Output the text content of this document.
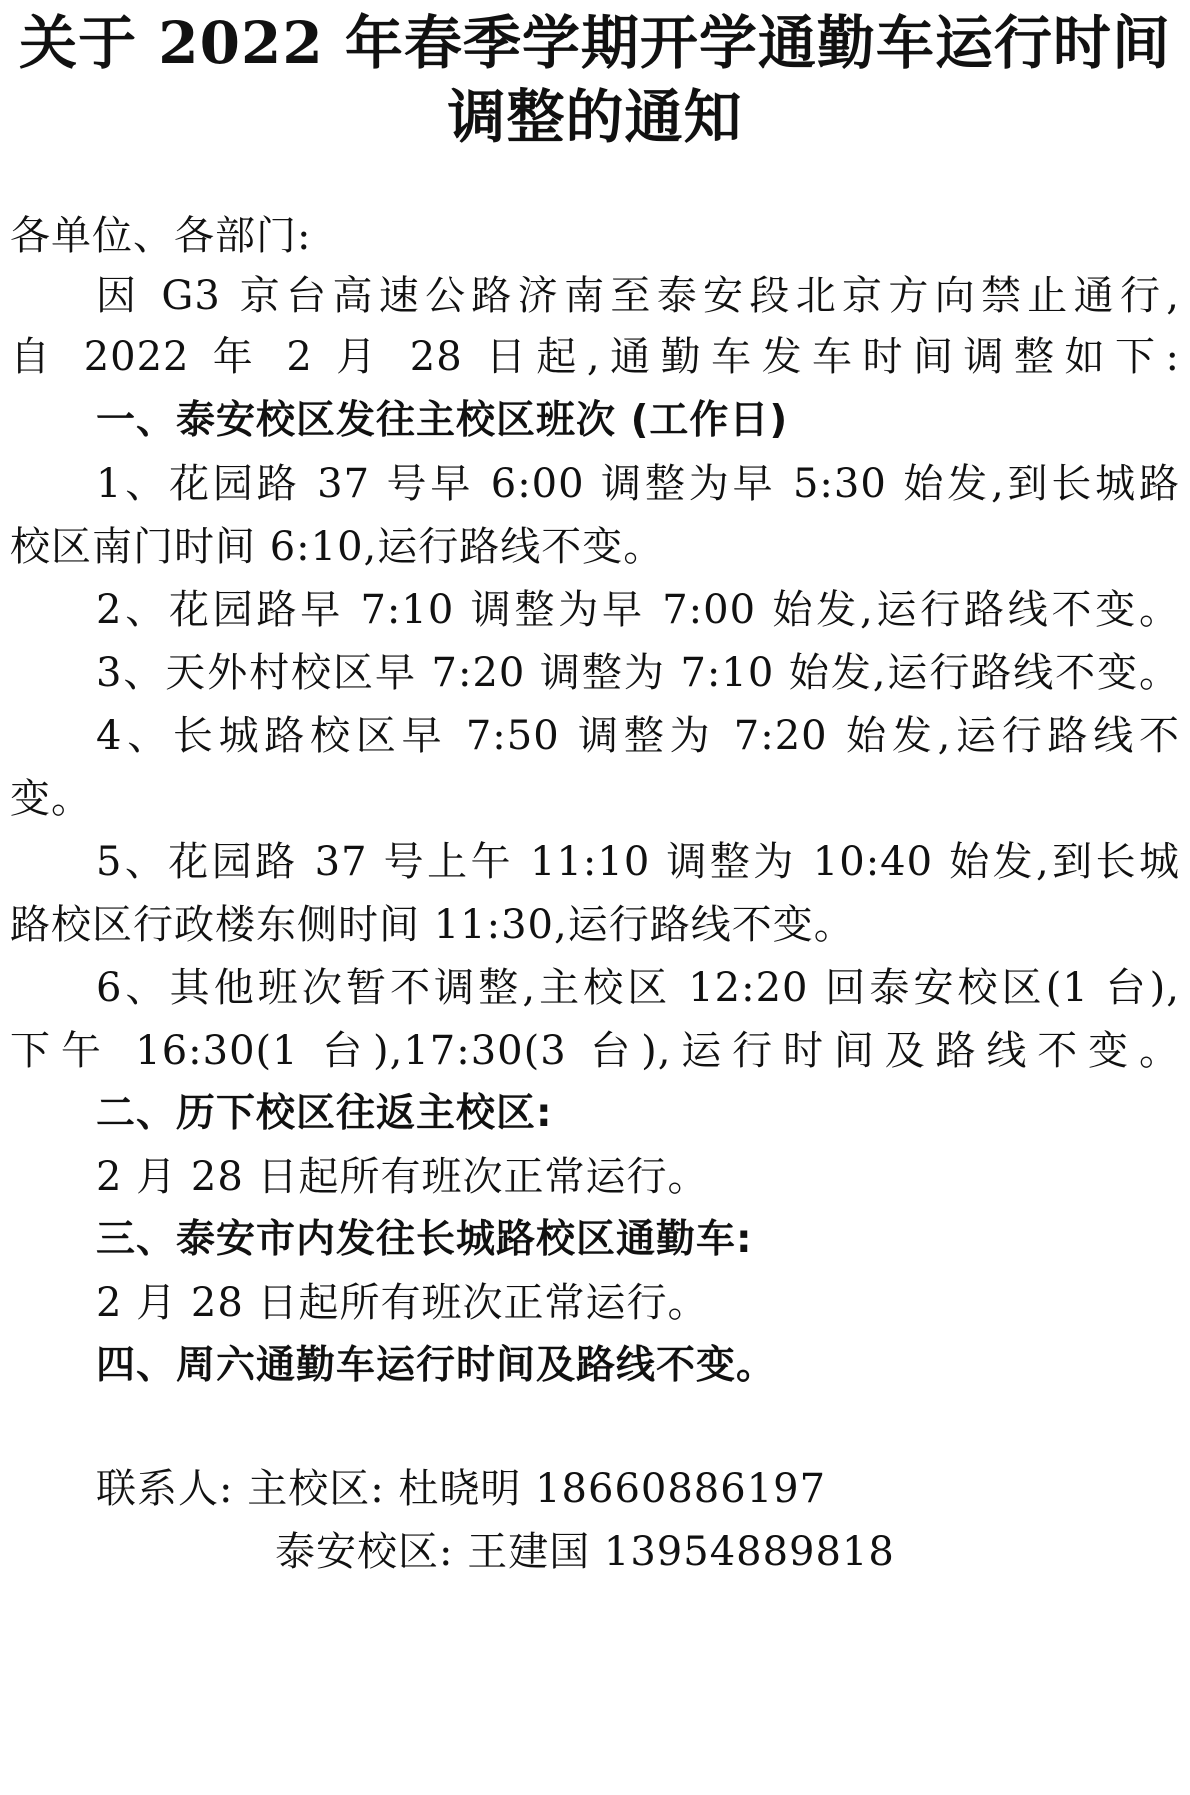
关于 2022 年春季学期开学通勤车运行时间
调整的通知
各单位、各部门:
因 G3 京台高速公路济南至泰安段北京方向禁止通行,
自 2022 年 2 月 28 日起,通勤车发车时间调整如下:
一、泰安校区发往主校区班次 (工作日)
1、花园路 37 号早 6:00 调整为早 5:30 始发,到长城路
校区南门时间 6:10,运行路线不变。
2、花园路早 7:10 调整为早 7:00 始发,运行路线不变。
3、天外村校区早 7:20 调整为 7:10 始发,运行路线不变。
4、长城路校区早 7:50 调整为 7:20 始发,运行路线不
变。
5、花园路 37 号上午 11:10 调整为 10:40 始发,到长城
路校区行政楼东侧时间 11:30,运行路线不变。
6、其他班次暂不调整,主校区 12:20 回泰安校区(1 台),
下午 16:30(1 台),17:30(3 台),运行时间及路线不变。
二、历下校区往返主校区:
2 月 28 日起所有班次正常运行。
三、泰安市内发往长城路校区通勤车:
2 月 28 日起所有班次正常运行。
四、周六通勤车运行时间及路线不变。
联系人: 主校区: 杜晓明 18660886197
泰安校区: 王建国 13954889818
